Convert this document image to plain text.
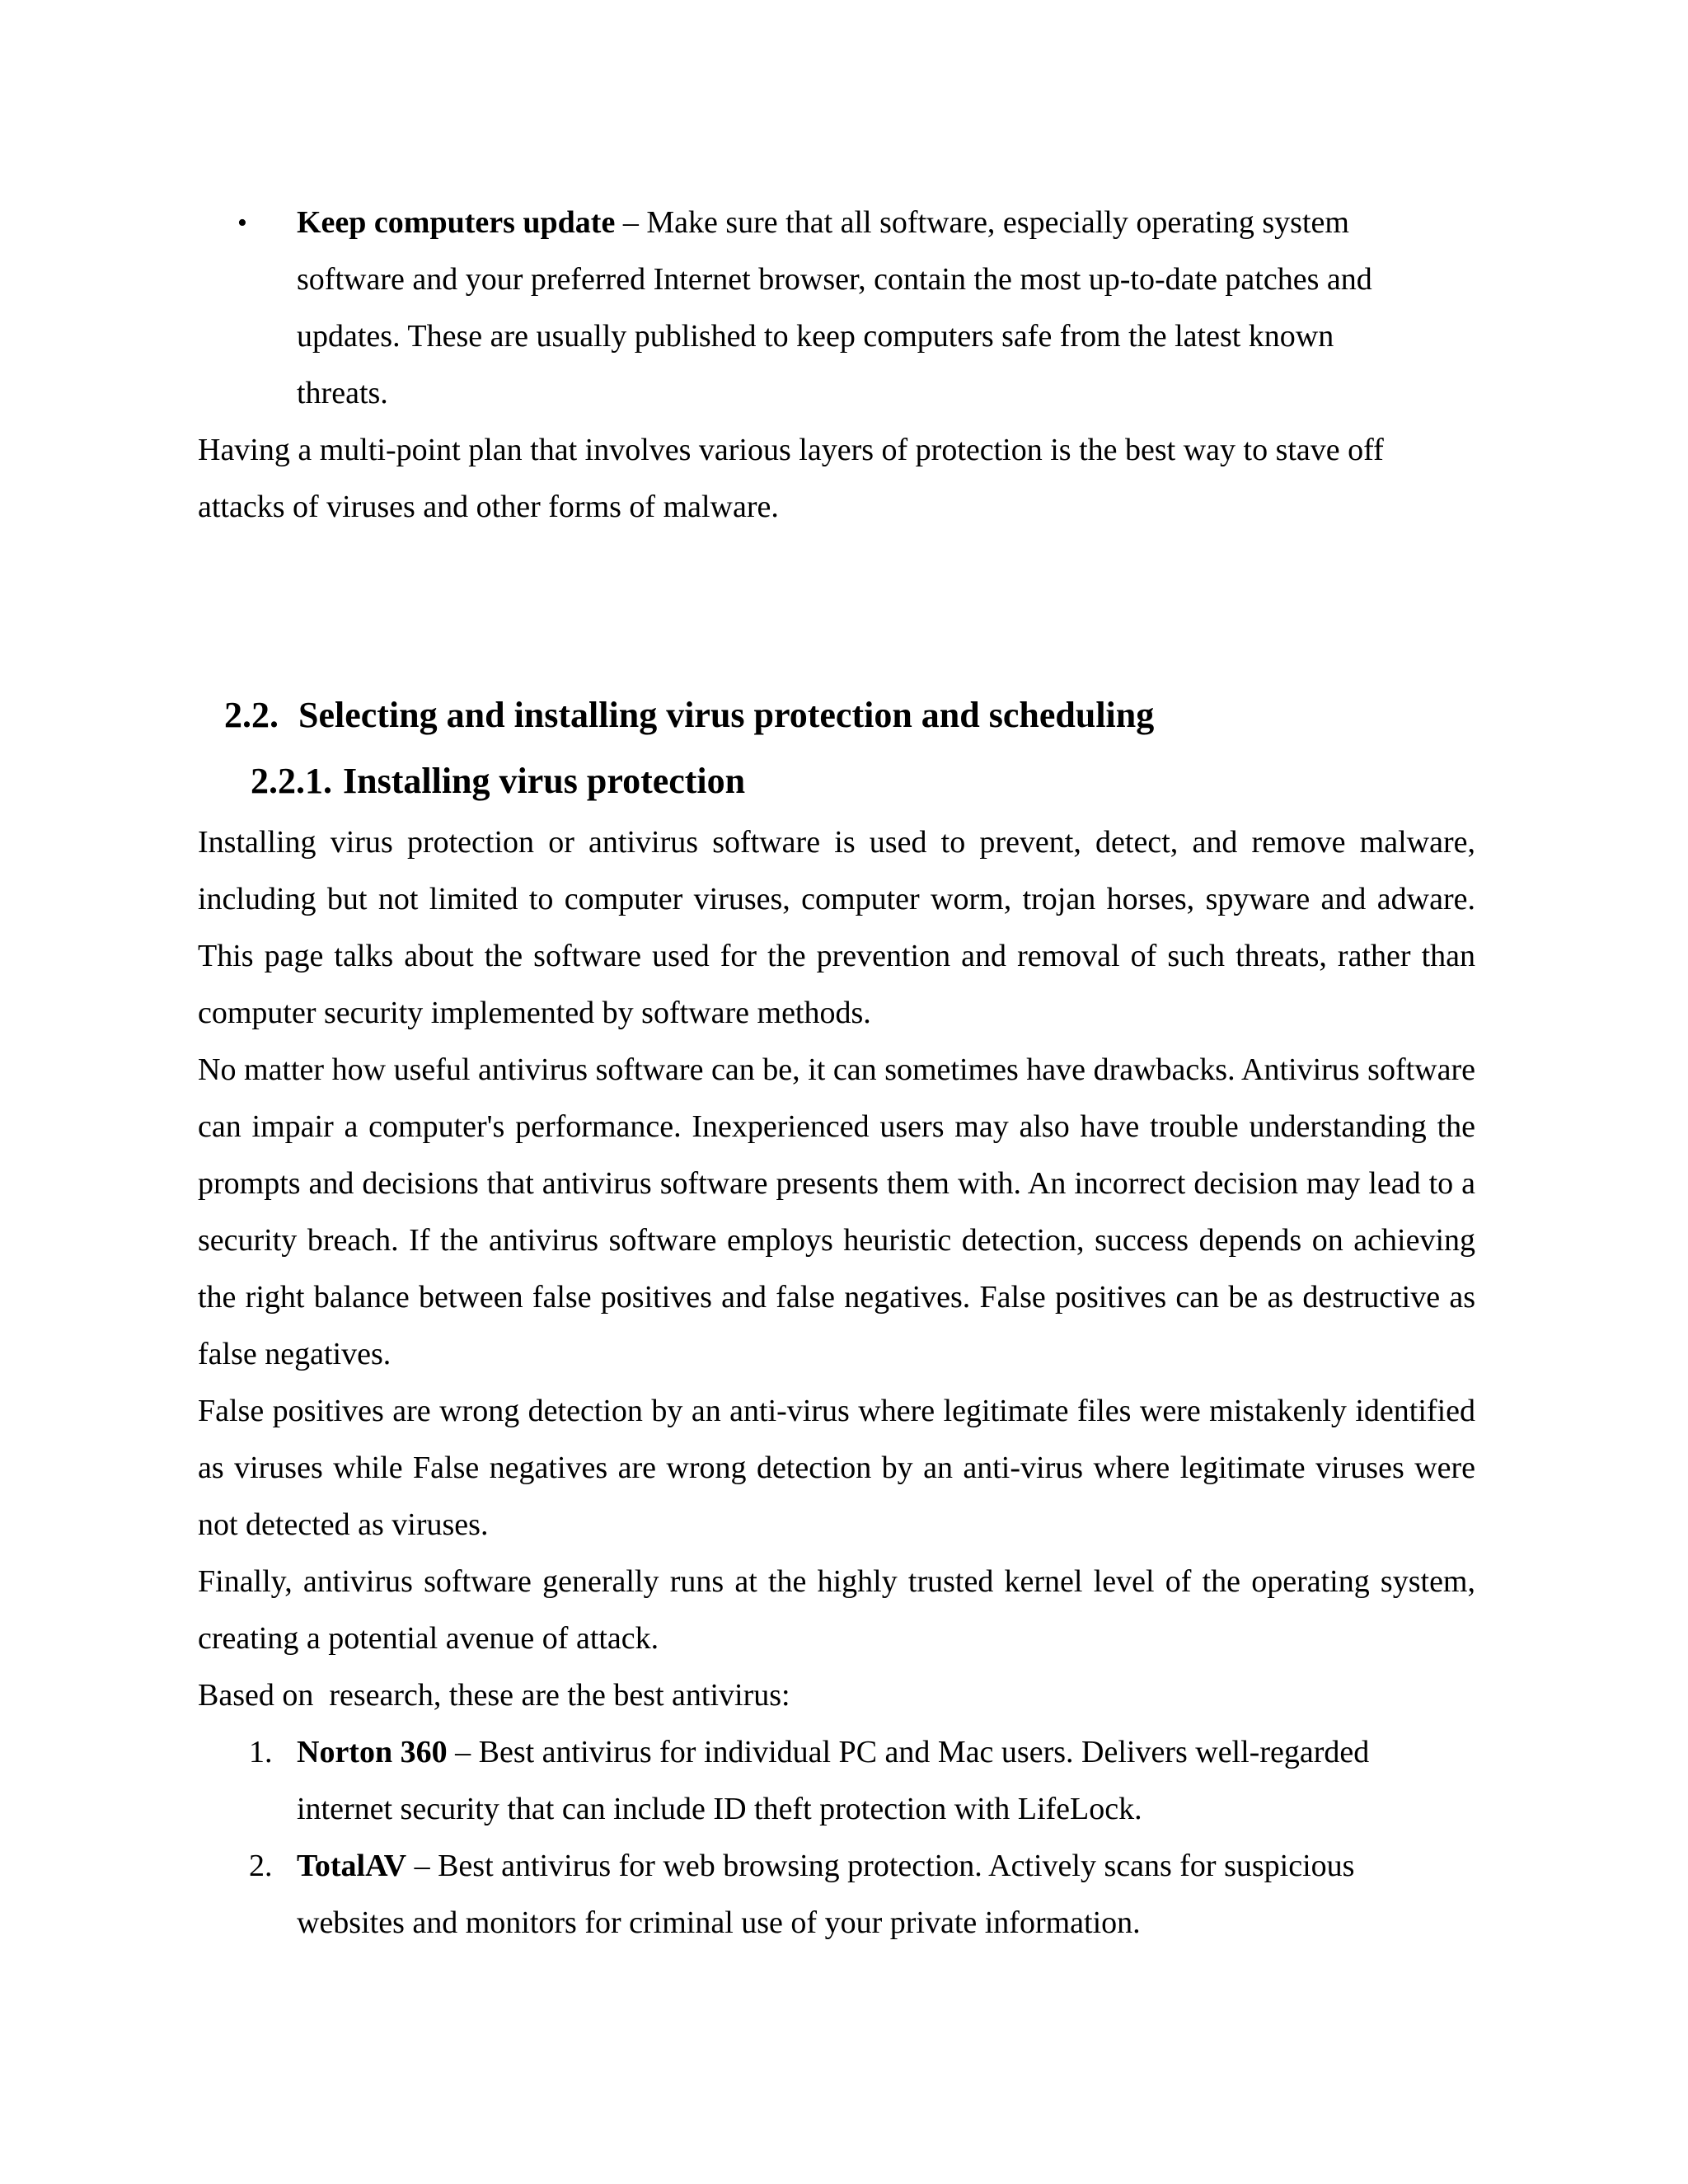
• Keep computers update – Make sure that all software, especially operating system
software and your preferred Internet browser, contain the most up-to-date patches and
updates. These are usually published to keep computers safe from the latest known
threats.
Having a multi-point plan that involves various layers of protection is the best way to stave off
attacks of viruses and other forms of malware.
2.2. Selecting and installing virus protection and scheduling
2.2.1. Installing virus protection

Installing virus protection or antivirus software is used to prevent, detect, and remove malware, including but not limited to computer viruses, computer worm, trojan horses, spyware and adware. This page talks about the software used for the prevention and removal of such threats, rather than computer security implemented by software methods.

No matter how useful antivirus software can be, it can sometimes have drawbacks. Antivirus software can impair a computer's performance. Inexperienced users may also have trouble understanding the prompts and decisions that antivirus software presents them with. An incorrect decision may lead to a security breach. If the antivirus software employs heuristic detection, success depends on achieving the right balance between false positives and false negatives. False positives can be as destructive as false negatives.

False positives are wrong detection by an anti-virus where legitimate files were mistakenly identified as viruses while False negatives are wrong detection by an anti-virus where legitimate viruses were not detected as viruses.

Finally, antivirus software generally runs at the highly trusted kernel level of the operating system, creating a potential avenue of attack.

Based on  research, these are the best antivirus:

1. Norton 360 – Best antivirus for individual PC and Mac users. Delivers well-regarded
internet security that can include ID theft protection with LifeLock.
2. TotalAV – Best antivirus for web browsing protection. Actively scans for suspicious
websites and monitors for criminal use of your private information.
